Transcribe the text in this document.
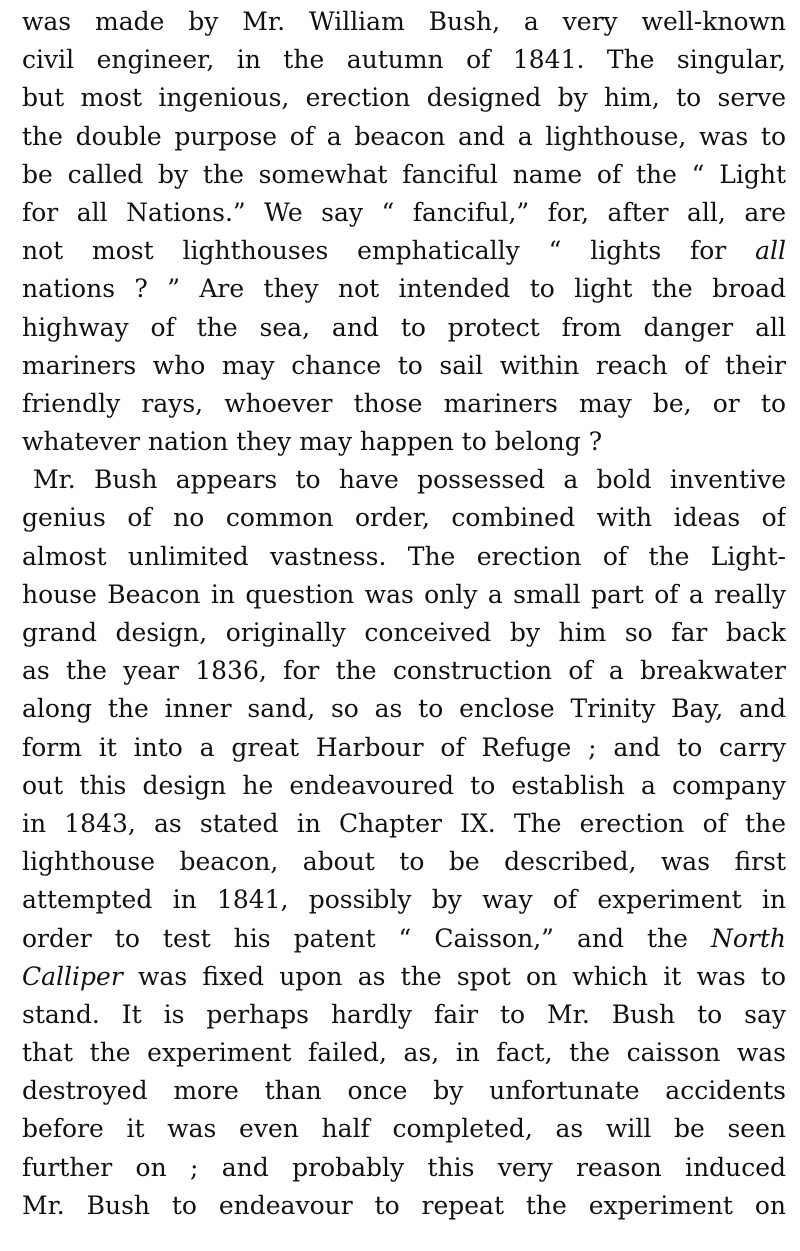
was made by Mr. William Bush, a very well-known
civil engineer, in the autumn of 1841. The singular,
but most ingenious, erection designed by him, to serve
the double purpose of a beacon and a lighthouse, was to
be called by the somewhat fanciful name of the “ Light
for all Nations.” We say “ fanciful,” for, after all, are
not most lighthouses emphatically “ lights for all
nations ? ” Are they not intended to light the broad
highway of the sea, and to protect from danger all
mariners who may chance to sail within reach of their
friendly rays, whoever those mariners may be, or to
whatever nation they may happen to belong ?
Mr. Bush appears to have possessed a bold inventive
genius of no common order, combined with ideas of
almost unlimited vastness. The erection of the Light-
house Beacon in question was only a small part of a really
grand design, originally conceived by him so far back
as the year 1836, for the construction of a breakwater
along the inner sand, so as to enclose Trinity Bay, and
form it into a great Harbour of Refuge ; and to carry
out this design he endeavoured to establish a company
in 1843, as stated in Chapter IX. The erection of the
lighthouse beacon, about to be described, was first
attempted in 1841, possibly by way of experiment in
order to test his patent “ Caisson,” and the North
Calliper was fixed upon as the spot on which it was to
stand. It is perhaps hardly fair to Mr. Bush to say
that the experiment failed, as, in fact, the caisson was
destroyed more than once by unfortunate accidents
before it was even half completed, as will be seen
further on ; and probably this very reason induced
Mr. Bush to endeavour to repeat the experiment on
